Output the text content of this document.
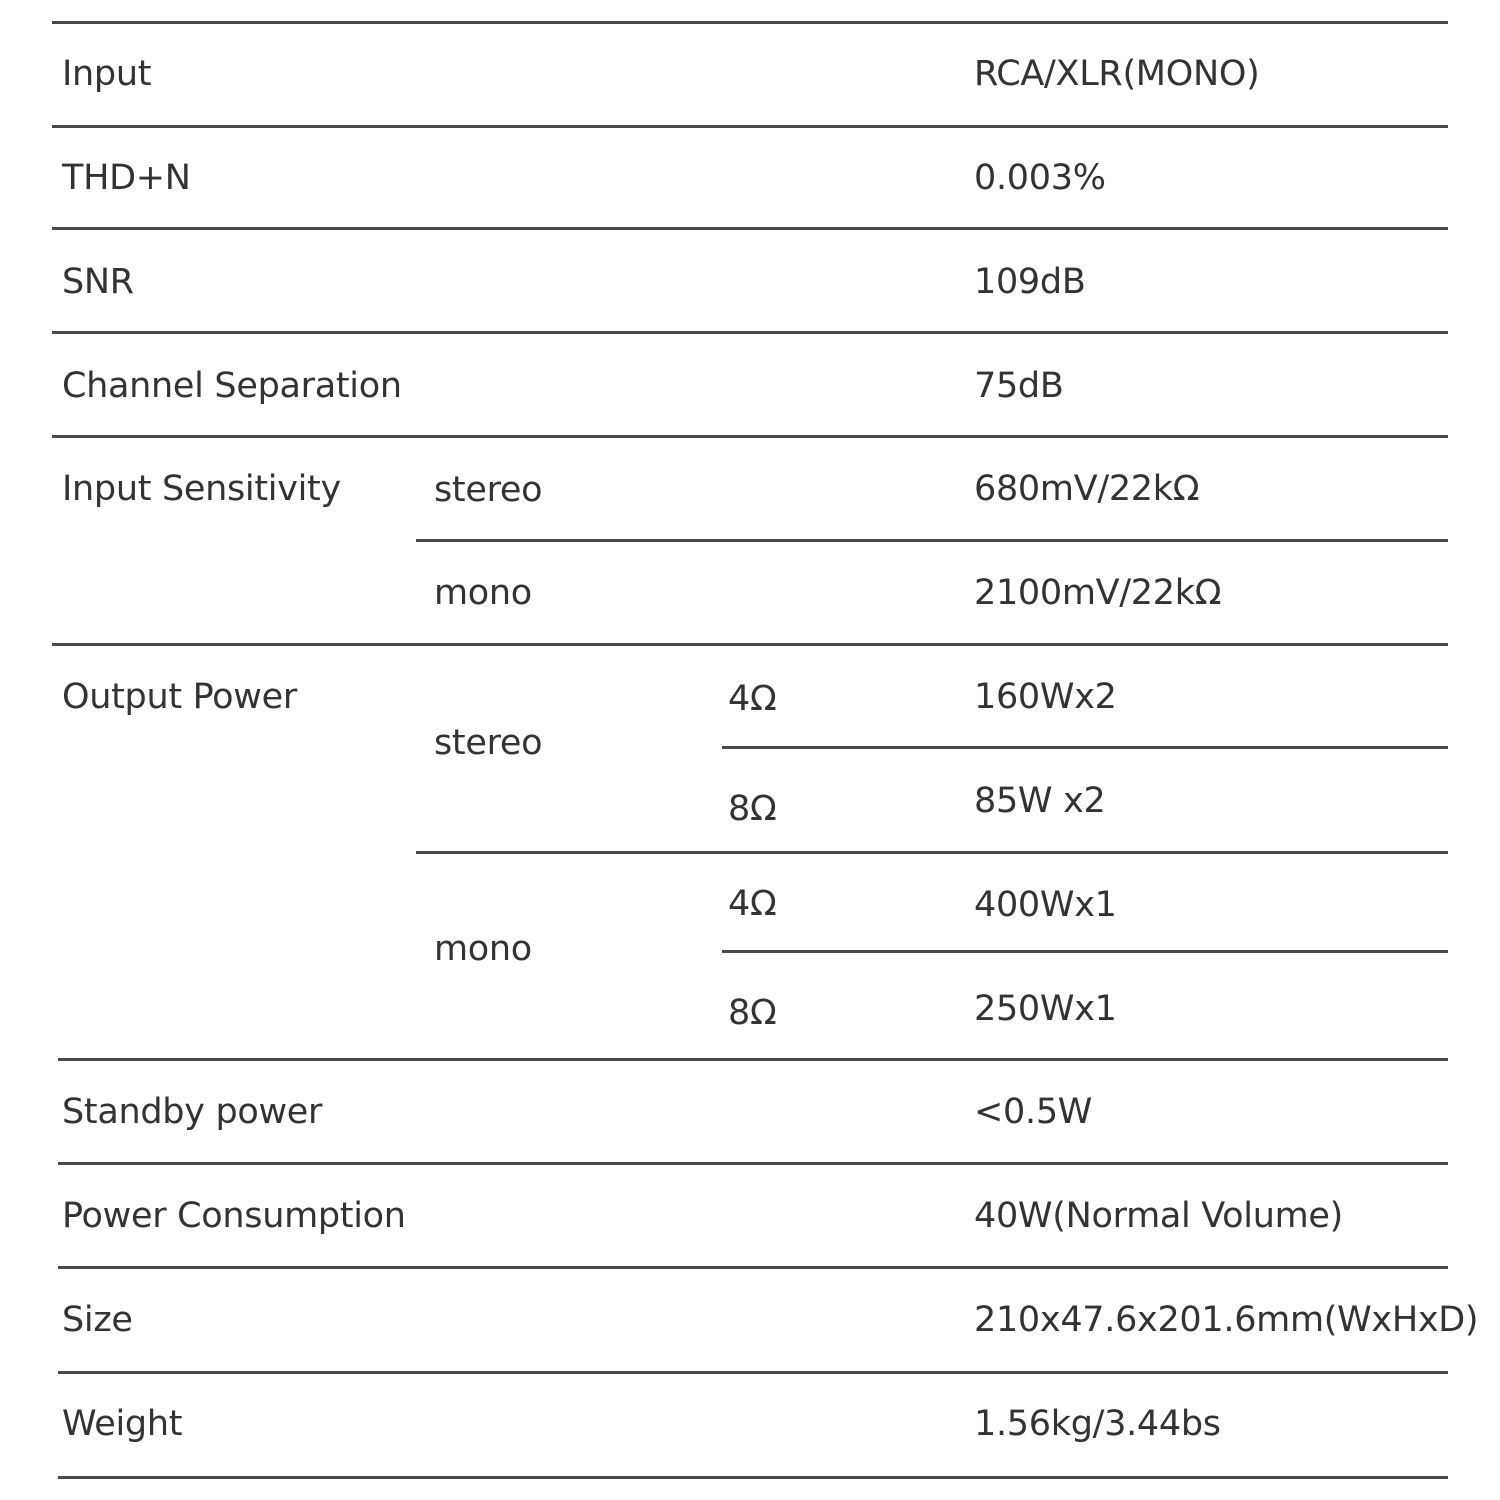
Input	RCA/XLR(MONO)
THD+N	0.003%
SNR	109dB
Channel Separation	75dB
Input Sensitivity	stereo	680mV/22kΩ
mono	2100mV/22kΩ
Output Power
stereo
4Ω	160Wx2
8Ω	85W x2
mono
4Ω	400Wx1
8Ω	250Wx1
Standby power	<0.5W
Power Consumption	40W(Normal Volume)
Size	210x47.6x201.6mm(WxHxD)
Weight	1.56kg/3.44bs
